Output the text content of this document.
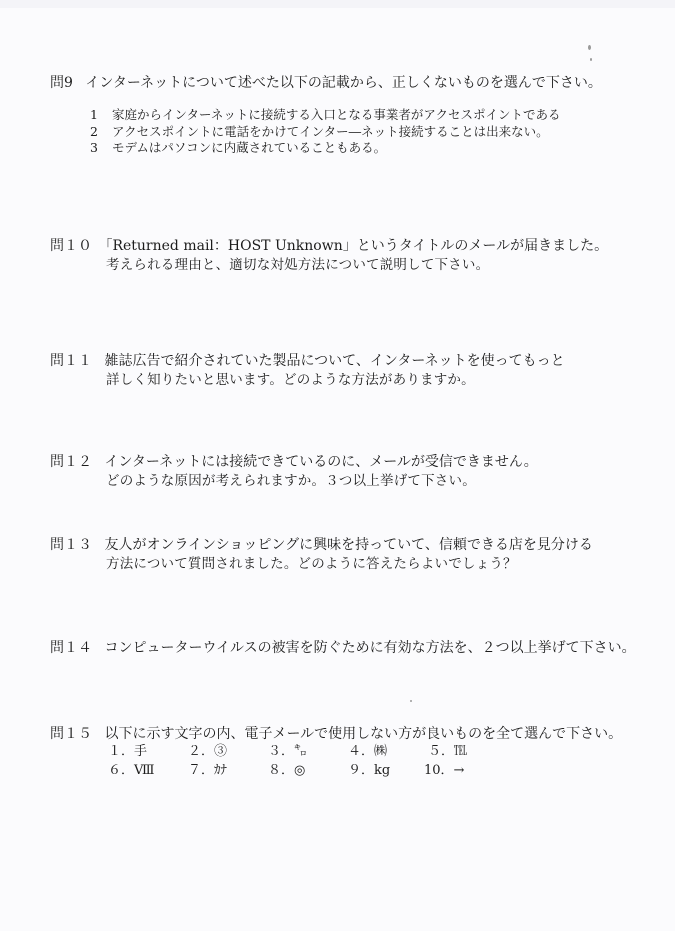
問9 インターネットについて述べた以下の記載から、正しくないものを選んで下さい。
1 家庭からインターネットに接続する入口となる事業者がアクセスポイントである
2 アクセスポイントに電話をかけてインター―ネット接続することは出来ない。
3 モデムはパソコンに内蔵されていることもある。
問１０ 「Returned mail：HOST Unknown」というタイトルのメールが届きました。
考えられる理由と、適切な対処方法について説明して下さい。
問１１ 雑誌広告で紹介されていた製品について、インターネットを使ってもっと
詳しく知りたいと思います。どのような方法がありますか。
問１２ インターネットには接続できているのに、メールが受信できません。
どのような原因が考えられますか。３つ以上挙げて下さい。
問１３ 友人がオンラインショッピングに興味を持っていて、信頼できる店を見分ける
方法について質問されました。どのように答えたらよいでしょう？
問１４ コンピューターウイルスの被害を防ぐために有効な方法を、２つ以上挙げて下さい。
問１５ 以下に示す文字の内、電子メールで使用しない方が良いものを全て選んで下さい。
１．手	２．③	３．㌔	４．㈱	５．℡
６．Ⅷ	７．ｶﾅ	８．◎	９．kg	10．→
